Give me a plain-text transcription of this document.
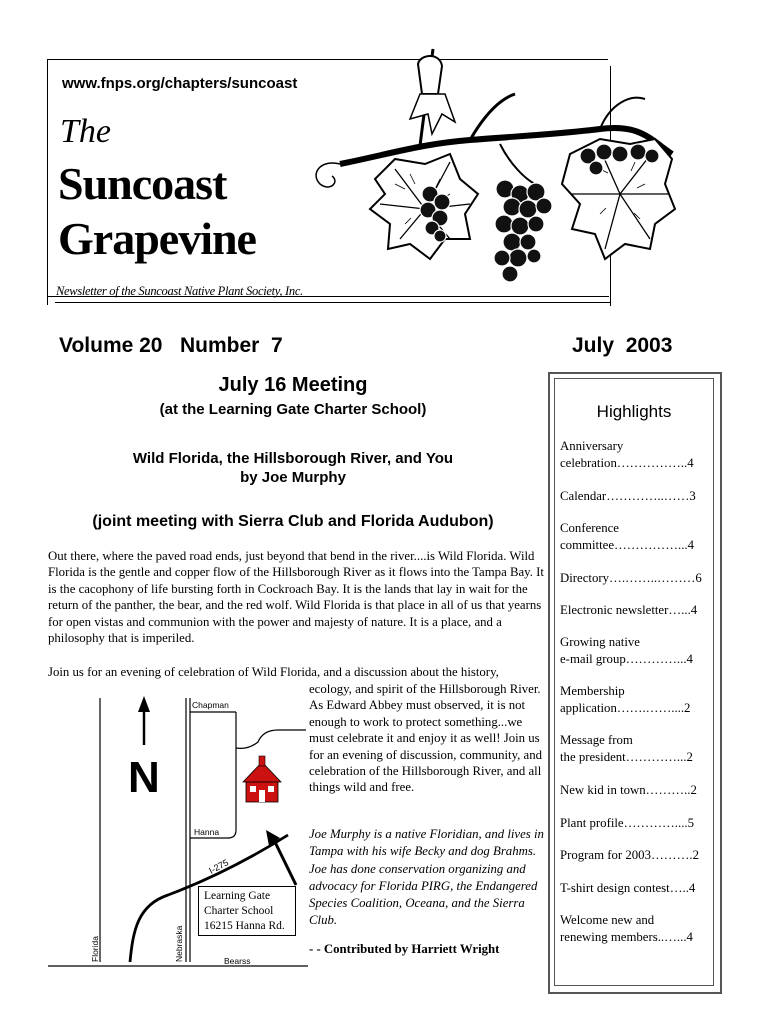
www.fnps.org/chapters/suncoast
The
Suncoast
Grapevine
Newsletter of the Suncoast Native Plant Society, Inc.
Volume 20   Number  7	July  2003
July 16 Meeting
(at the Learning Gate Charter School)
Wild Florida, the Hillsborough River, and You
by Joe Murphy
(joint meeting with Sierra Club and Florida Audubon)
Out there, where the paved road ends, just beyond that bend in the river....is Wild Florida. Wild Florida is the gentle and copper flow of the Hillsborough River as it flows into the Tampa Bay. It is the cacophony of life bursting forth in Cockroach Bay. It is the lands that lay in wait for the return of the panther, the bear, and the red wolf. Wild Florida is that place in all of us that yearns for open vistas and communion with the power and majesty of nature. It is a place, and a philosophy that is imperiled.
Join us for an evening of celebration of Wild Florida, and a discussion about the history,
ecology, and spirit of the Hillsborough River. As Edward Abbey must observed, it is not enough to work to protect something...we must celebrate it and enjoy it as well! Join us for an evening of discussion, community, and celebration of the Hillsborough River, and all things wild and free.
Joe Murphy is a native Floridian, and lives in Tampa with his wife Becky and dog Brahms. Joe has done conservation organizing and advocacy for Florida PIRG, the Endangered Species Coalition, Oceana, and the Sierra Club.
- - Contributed by Harriett Wright
N
Chapman
Hanna
I-275
Florida	Nebraska	Bearss
Learning Gate
Charter School
16215 Hanna Rd.
Highlights
Anniversary
celebration……………..4
Calendar…………..……3
Conference
committee……………...4
Directory….……..………6
Electronic newsletter…...4
Growing native
e-mail group…………...4
Membership
application…….……....2
Message from
the president…………...2
New kid in town………..2
Plant profile…………....5
Program for 2003……….2
T-shirt design contest…..4
Welcome new and
renewing members..…...4
